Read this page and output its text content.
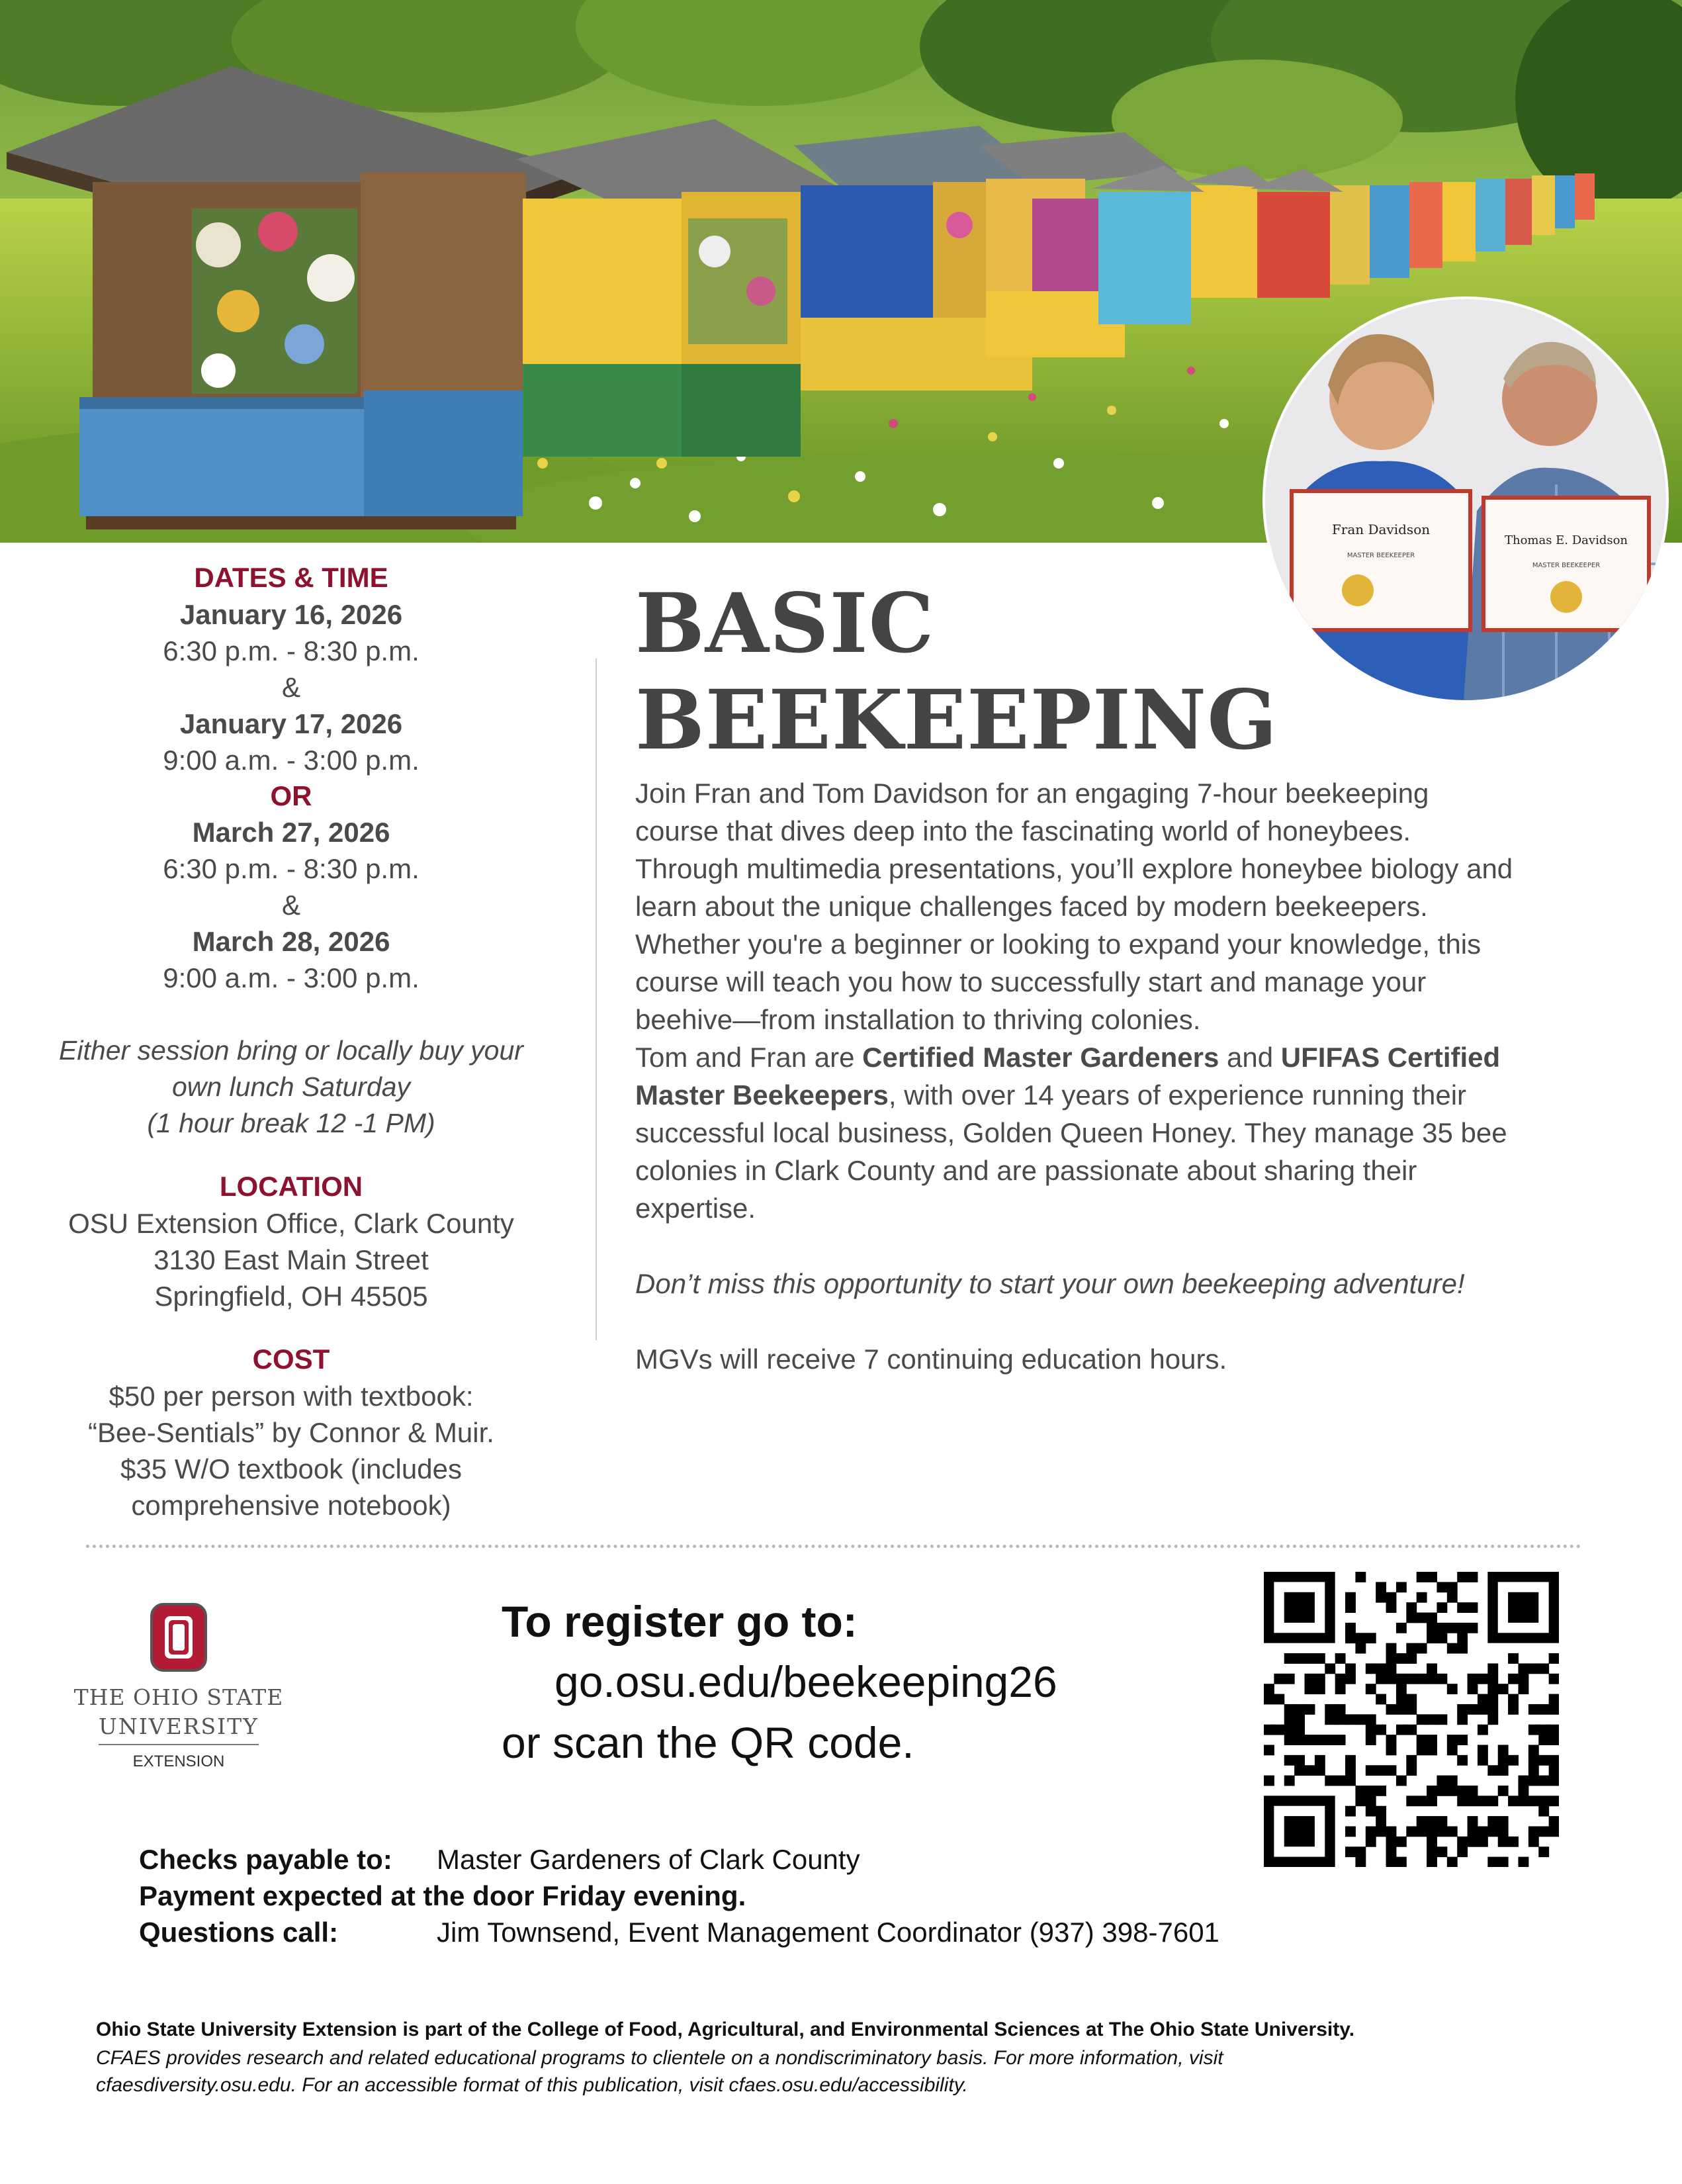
Fran Davidson
MASTER BEEKEEPER
Thomas E. Davidson
MASTER BEEKEEPER
DATES & TIME
January 16, 2026
6:30 p.m. - 8:30 p.m.
&
January 17, 2026
9:00 a.m. - 3:00 p.m.
OR
March 27, 2026
6:30 p.m. - 8:30 p.m.
&
March 28, 2026
9:00 a.m. - 3:00 p.m.
Either session bring or locally buy your
own lunch Saturday
(1 hour break 12 -1 PM)
LOCATION
OSU Extension Office, Clark County
3130 East Main Street
Springfield, OH 45505
COST
$50 per person with textbook:
“Bee-Sentials” by Connor & Muir.
$35 W/O textbook (includes
comprehensive notebook)
BASIC
BEEKEEPING

Join Fran and Tom Davidson for an engaging 7-hour beekeeping course that dives deep into the fascinating world of honeybees. Through multimedia presentations, you’ll explore honeybee biology and learn about the unique challenges faced by modern beekeepers.

Whether you're a beginner or looking to expand your knowledge, this course will teach you how to successfully start and manage your beehive—from installation to thriving colonies.

Tom and Fran are Certified Master Gardeners and UFIFAS Certified Master Beekeepers, with over 14 years of experience running their successful local business, Golden Queen Honey. They manage 35 bee colonies in Clark County and are passionate about sharing their expertise.

Don’t miss this opportunity to start your own beekeeping adventure!

MGVs will receive 7 continuing education hours.

THE OHIO STATE
UNIVERSITY
EXTENSION
To register go to:
go.osu.edu/beekeeping26
or scan the QR code.
Checks payable to:	Master Gardeners of Clark County
Payment expected at the door Friday evening.
Questions call:	Jim Townsend, Event Management Coordinator (937) 398-7601
Ohio State University Extension is part of the College of Food, Agricultural, and Environmental Sciences at The Ohio State University.
CFAES provides research and related educational programs to clientele on a nondiscriminatory basis. For more information, visit
cfaesdiversity.osu.edu. For an accessible format of this publication, visit cfaes.osu.edu/accessibility.
